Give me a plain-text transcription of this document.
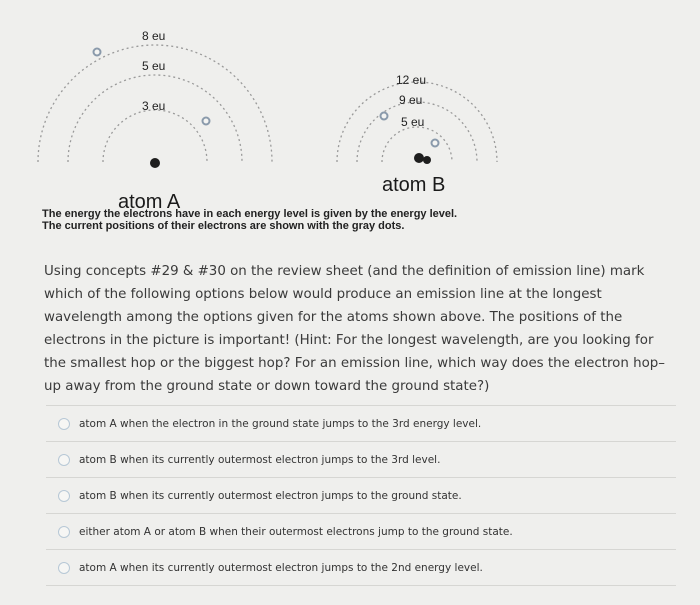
3 eu
5 eu
8 eu
atom A
5 eu
9 eu
12 eu
atom B
The energy the electrons have in each energy level is given by the energy level.
The current positions of their electrons are shown with the gray dots.
Using concepts #29 & #30 on the review sheet (and the definition of emission line) mark which of the following options below would produce an emission line at the longest wavelength among the options given for the atoms shown above. The positions of the electrons in the picture is important! (Hint: For the longest wavelength, are you looking for the smallest hop or the biggest hop? For an emission line, which way does the electron hop–up away from the ground state or down toward the ground state?)
atom A when the electron in the ground state jumps to the 3rd energy level.
atom B when its currently outermost electron jumps to the 3rd level.
atom B when its currently outermost electron jumps to the ground state.
either atom A or atom B when their outermost electrons jump to the ground state.
atom A when its currently outermost electron jumps to the 2nd energy level.
